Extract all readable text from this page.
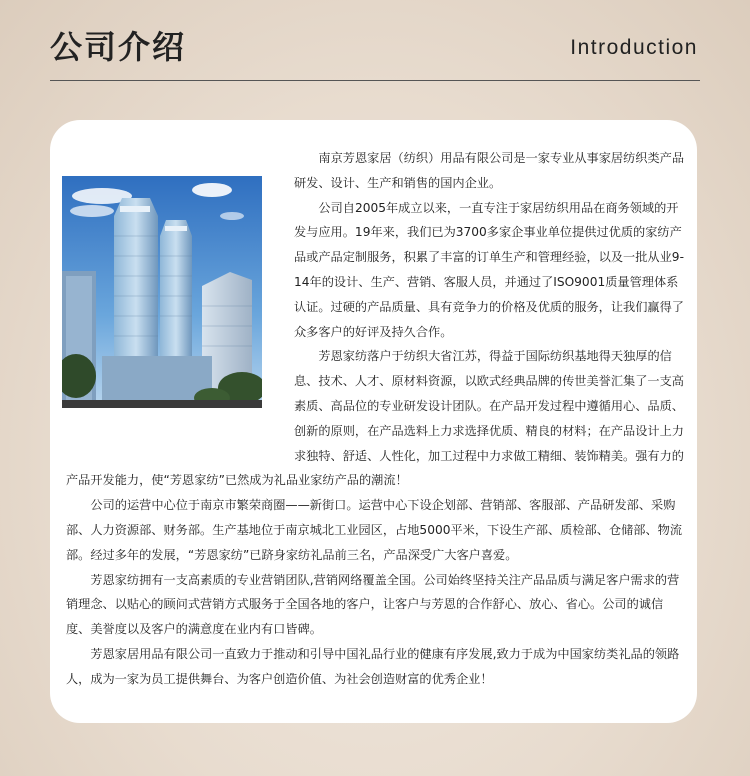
公司介绍	Introduction

南京芳恩家居（纺织）用品有限公司是一家专业从事家居纺织类产品研发、设计、生产和销售的国内企业。

公司自2005年成立以来，一直专注于家居纺织用品在商务领域的开发与应用。19年来，我们已为3700多家企事业单位提供过优质的家纺产品或产品定制服务，积累了丰富的订单生产和管理经验，以及一批从业9-14年的设计、生产、营销、客服人员，并通过了ISO9001质量管理体系认证。过硬的产品质量、具有竞争力的价格及优质的服务，让我们赢得了众多客户的好评及持久合作。

芳恩家纺落户于纺织大省江苏，得益于国际纺织基地得天独厚的信息、技术、人才、原材料资源，以欧式经典品牌的传世美誉汇集了一支高素质、高品位的专业研发设计团队。在产品开发过程中遵循用心、品质、创新的原则，在产品选料上力求选择优质、精良的材料；在产品设计上力求独特、舒适、人性化，加工过程中力求做工精细、装饰精美。强有力的产品开发能力，使“芳恩家纺”已然成为礼品业家纺产品的潮流！

公司的运营中心位于南京市繁荣商圈——新街口。运营中心下设企划部、营销部、客服部、产品研发部、采购部、人力资源部、财务部。生产基地位于南京城北工业园区，占地5000平米，下设生产部、质检部、仓储部、物流部。经过多年的发展，“芳恩家纺”已跻身家纺礼品前三名，产品深受广大客户喜爱。

芳恩家纺拥有一支高素质的专业营销团队,营销网络覆盖全国。公司始终坚持关注产品品质与满足客户需求的营销理念、以贴心的顾问式营销方式服务于全国各地的客户，让客户与芳恩的合作舒心、放心、省心。公司的诚信度、美誉度以及客户的满意度在业内有口皆碑。

芳恩家居用品有限公司一直致力于推动和引导中国礼品行业的健康有序发展,致力于成为中国家纺类礼品的领路人，成为一家为员工提供舞台、为客户创造价值、为社会创造财富的优秀企业！
